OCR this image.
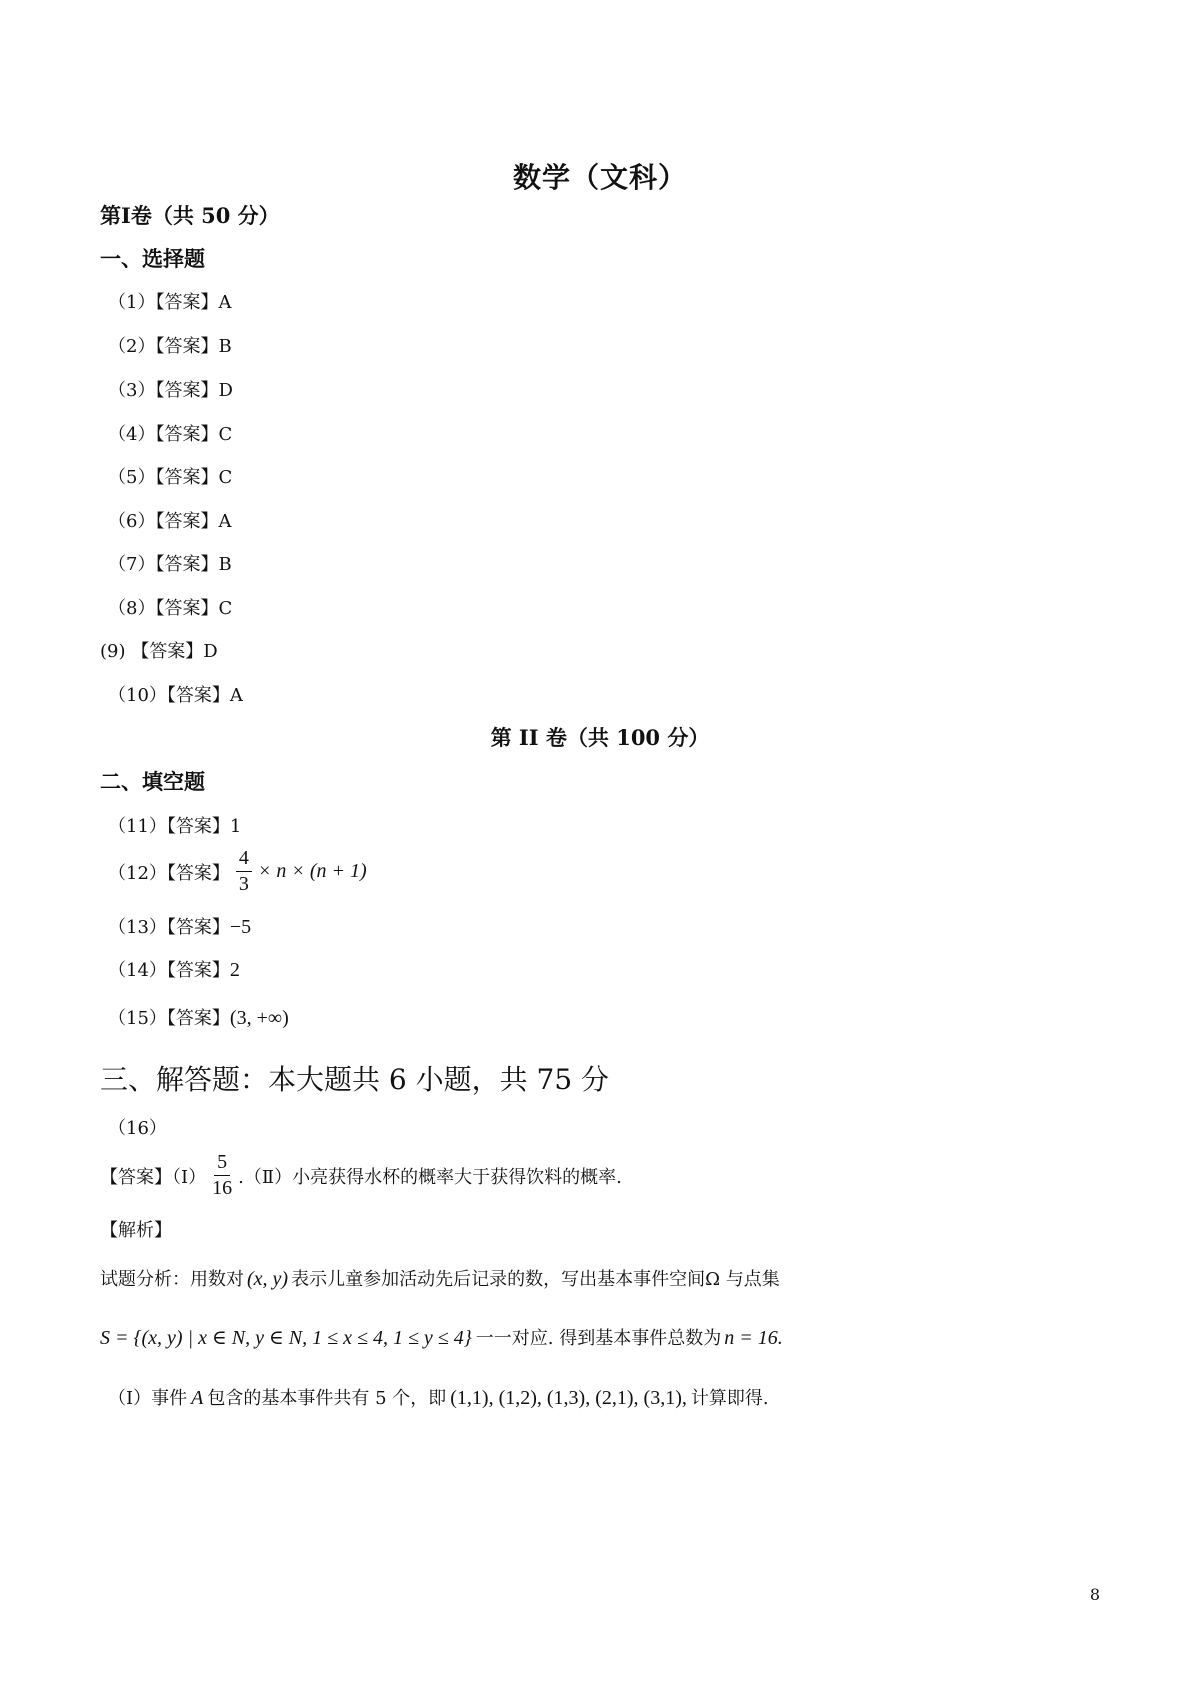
数学（文科）
第Ⅰ卷（共 50 分）
一、选择题
（1）【答案】A
（2）【答案】B
（3）【答案】D
（4）【答案】C
（5）【答案】C
（6）【答案】A
（7）【答案】B
（8）【答案】C
(9) 【答案】D
（10）【答案】A
第 II 卷（共 100 分）
二、填空题
（11）【答案】1
（12）【答案】 $\frac{4}{3} \times n \times (n + 1)$
（13）【答案】−5
（14）【答案】2
（15）【答案】(3, +∞)
三、解答题：本大题共 6 小题，共 75 分
（16）
【答案】（Ⅰ） $\frac{5}{16}$ .（Ⅱ）小亮获得水杯的概率大于获得饮料的概率.
【解析】
试题分析：用数对 (x, y) 表示儿童参加活动先后记录的数，写出基本事件空间Ω 与点集
S = {(x, y) | x ∈ N, y ∈ N, 1 ≤ x ≤ 4, 1 ≤ y ≤ 4} 一一对应. 得到基本事件总数为 n = 16.
（Ⅰ）事件 A 包含的基本事件共有 5 个，即 (1,1), (1,2), (1,3), (2,1), (3,1), 计算即得.
8
